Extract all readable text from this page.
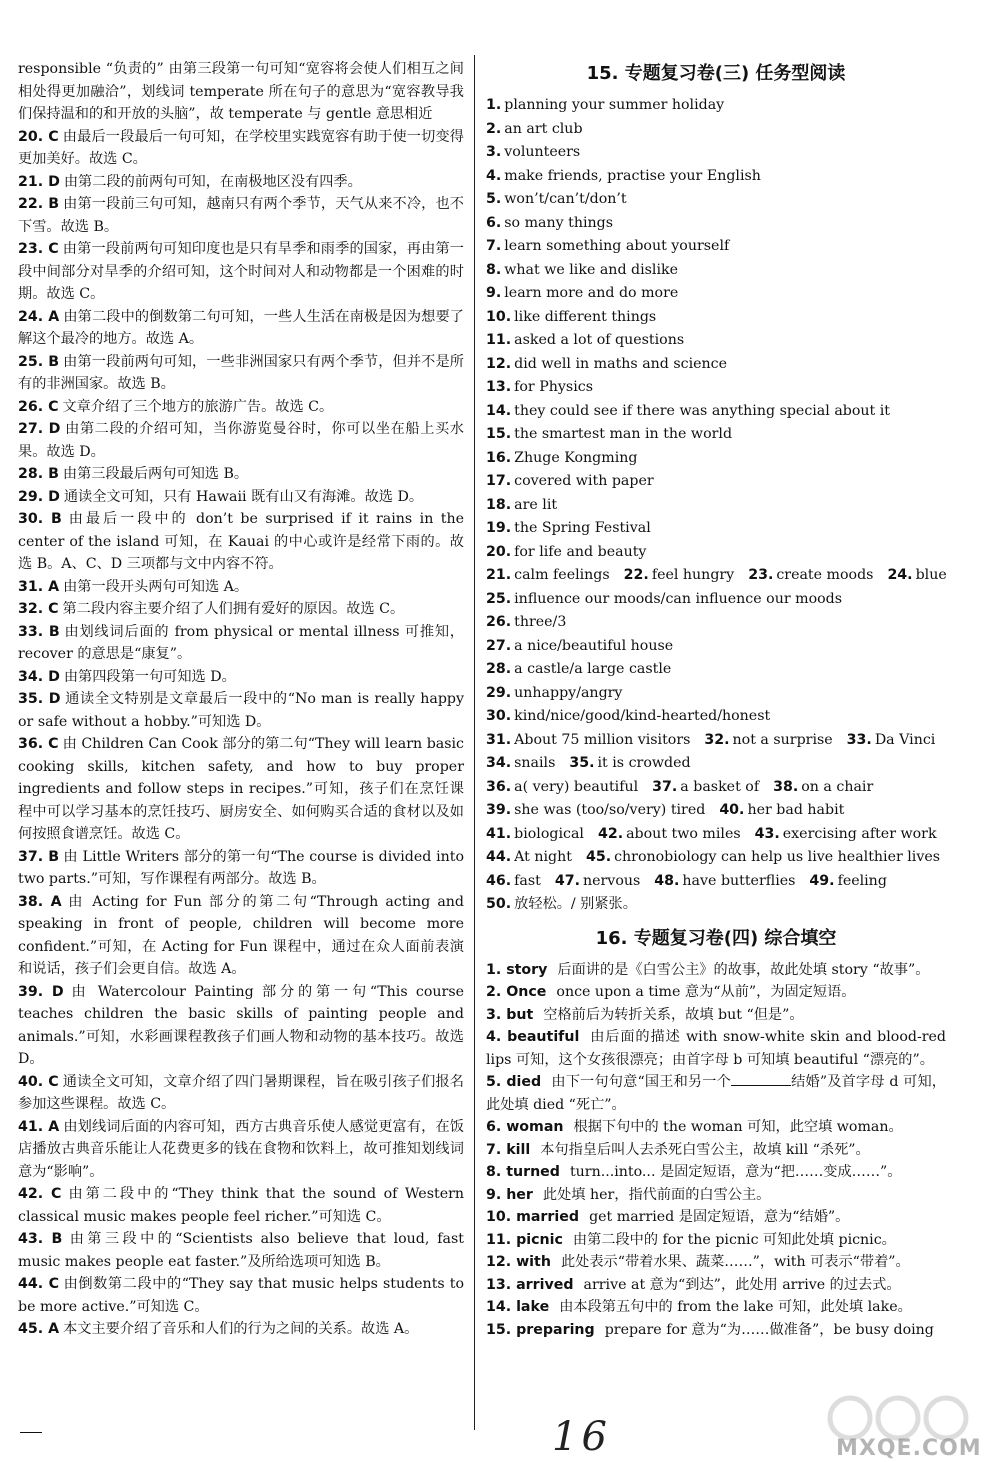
responsible “负责的” 由第三段第一句可知“宽容将会使人们相互之间相处得更加融洽”，划线词 temperate 所在句子的意思为“宽容教导我们保持温和的和开放的头脑”，故 temperate 与 gentle 意思相近
20. C 由最后一段最后一句可知，在学校里实践宽容有助于使一切变得更加美好。故选 C。
21. D 由第二段的前两句可知，在南极地区没有四季。
22. B 由第一段前三句可知，越南只有两个季节，天气从来不冷，也不下雪。故选 B。
23. C 由第一段前两句可知印度也是只有旱季和雨季的国家，再由第一段中间部分对旱季的介绍可知，这个时间对人和动物都是一个困难的时期。故选 C。
24. A 由第二段中的倒数第二句可知，一些人生活在南极是因为想要了解这个最冷的地方。故选 A。
25. B 由第一段前两句可知，一些非洲国家只有两个季节，但并不是所有的非洲国家。故选 B。
26. C 文章介绍了三个地方的旅游广告。故选 C。
27. D 由第二段的介绍可知，当你游览曼谷时，你可以坐在船上买水果。故选 D。
28. B 由第三段最后两句可知选 B。
29. D 通读全文可知，只有 Hawaii 既有山又有海滩。故选 D。
30. B 由最后一段中的 don’t be surprised if it rains in the center of the island 可知，在 Kauai 的中心或许是经常下雨的。故选 B。A、C、D 三项都与文中内容不符。
31. A 由第一段开头两句可知选 A。
32. C 第二段内容主要介绍了人们拥有爱好的原因。故选 C。
33. B 由划线词后面的 from physical or mental illness 可推知，recover 的意思是“康复”。
34. D 由第四段第一句可知选 D。
35. D 通读全文特别是文章最后一段中的“No man is really happy or safe without a hobby.”可知选 D。
36. C 由 Children Can Cook 部分的第二句“They will learn basic cooking skills, kitchen safety, and how to buy proper ingredients and follow steps in recipes.”可知，孩子们在烹饪课程中可以学习基本的烹饪技巧、厨房安全、如何购买合适的食材以及如何按照食谱烹饪。故选 C。
37. B 由 Little Writers 部分的第一句“The course is divided into two parts.”可知，写作课程有两部分。故选 B。
38. A 由 Acting for Fun 部分的第二句“Through acting and speaking in front of people, children will become more confident.”可知，在 Acting for Fun 课程中，通过在众人面前表演和说话，孩子们会更自信。故选 A。
39. D 由 Watercolour Painting 部分的第一句“This course teaches children the basic skills of painting people and animals.”可知，水彩画课程教孩子们画人物和动物的基本技巧。故选 D。
40. C 通读全文可知，文章介绍了四门暑期课程，旨在吸引孩子们报名参加这些课程。故选 C。
41. A 由划线词后面的内容可知，西方古典音乐使人感觉更富有，在饭店播放古典音乐能让人花费更多的钱在食物和饮料上，故可推知划线词意为“影响”。
42. C 由第二段中的“They think that the sound of Western classical music makes people feel richer.”可知选 C。
43. B 由第三段中的“Scientists also believe that loud, fast music makes people eat faster.”及所给选项可知选 B。
44. C 由倒数第二段中的“They say that music helps students to be more active.”可知选 C。
45. A 本文主要介绍了音乐和人们的行为之间的关系。故选 A。
15. 专题复习卷(三) 任务型阅读
1. planning your summer holiday
2. an art club
3. volunteers
4. make friends, practise your English
5. won’t/can’t/don’t
6. so many things
7. learn something about yourself
8. what we like and dislike
9. learn more and do more
10. like different things
11. asked a lot of questions
12. did well in maths and science
13. for Physics
14. they could see if there was anything special about it
15. the smartest man in the world
16. Zhuge Kongming
17. covered with paper
18. are lit
19. the Spring Festival
20. for life and beauty
21. calm feelings 22. feel hungry 23. create moods 24. blue
25. influence our moods/can influence our moods
26. three/3
27. a nice/beautiful house
28. a castle/a large castle
29. unhappy/angry
30. kind/nice/good/kind-hearted/honest
31. About 75 million visitors 32. not a surprise 33. Da Vinci
34. snails 35. it is crowded
36. a( very) beautiful 37. a basket of 38. on a chair
39. she was (too/so/very) tired 40. her bad habit
41. biological 42. about two miles 43. exercising after work
44. At night 45. chronobiology can help us live healthier lives
46. fast 47. nervous 48. have butterflies 49. feeling
50. 放轻松。/ 别紧张。
16. 专题复习卷(四) 综合填空
1. story 后面讲的是《白雪公主》的故事，故此处填 story “故事”。
2. Once once upon a time 意为“从前”，为固定短语。
3. but 空格前后为转折关系，故填 but “但是”。
4. beautiful 由后面的描述 with snow-white skin and blood-red lips 可知，这个女孩很漂亮；由首字母 b 可知填 beautiful “漂亮的”。
5. died 由下一句句意“国王和另一个	结婚”及首字母 d 可知，此处填 died “死亡”。
6. woman 根据下句中的 the woman 可知，此空填 woman。
7. kill 本句指皇后叫人去杀死白雪公主，故填 kill “杀死”。
8. turned turn...into... 是固定短语，意为“把……变成……”。
9. her 此处填 her，指代前面的白雪公主。
10. married get married 是固定短语，意为“结婚”。
11. picnic 由第二段中的 for the picnic 可知此处填 picnic。
12. with 此处表示“带着水果、蔬菜……”，with 可表示“带着”。
13. arrived arrive at 意为“到达”，此处用 arrive 的过去式。
14. lake 由本段第五句中的 from the lake 可知，此处填 lake。
15. preparing prepare for 意为“为……做准备”，be busy doing
16	MXQE.COM
